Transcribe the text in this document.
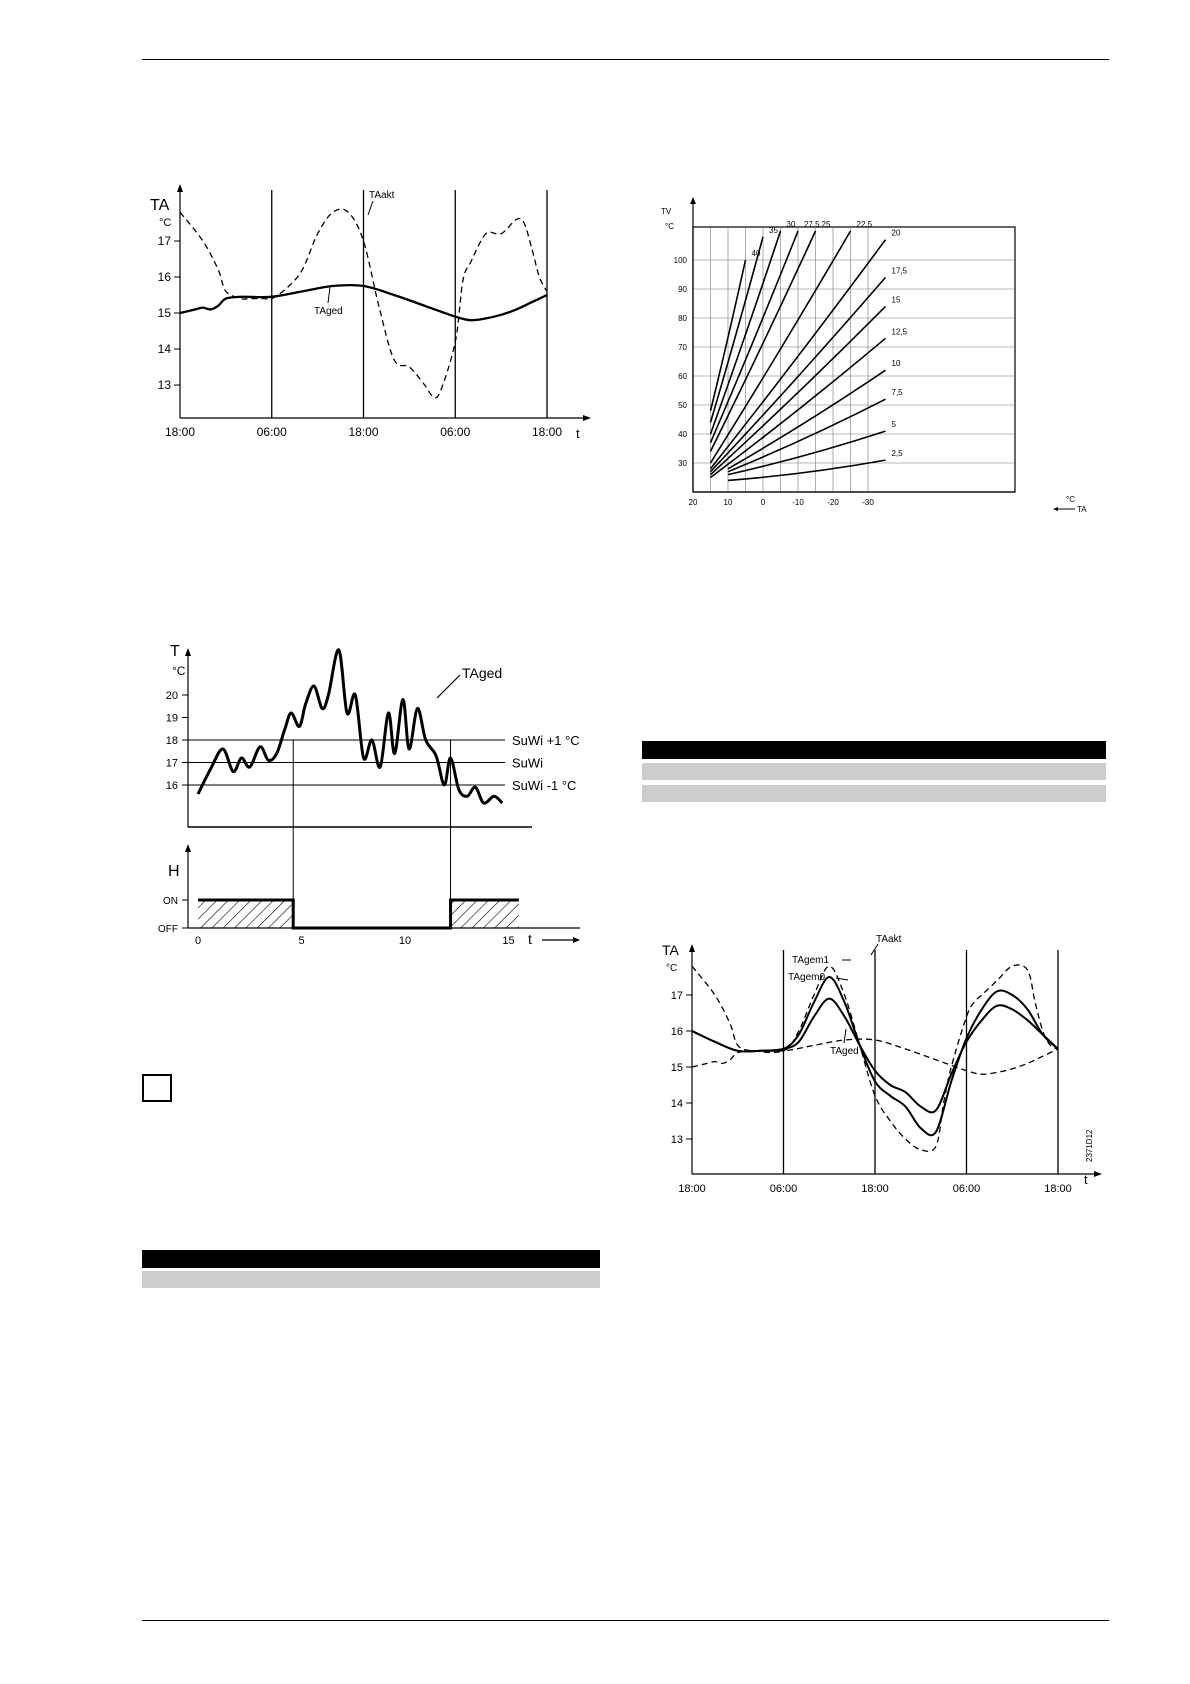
13
14
15
16
17
18:00	06:00	18:00	06:00	18:00
TA
°C
t
TAakt
TAged
40
35
30 27,5 25	22,5
20
17,5
15
12,5
10
7,5
5
2,5
30
40
50
60
70
80
90
100
20	10	0	-10	-20	-30
TV
°C
°C
TA
SuWi +1 °C
SuWi
SuWi -1 °C
16
17
18
19
20
ON
OFF
0	5	10	15
T
°C
H
t
TAged
13
14
15
16
17
18:00	06:00	18:00	06:00	18:00
TA
°C
t
TAakt
TAgem1
TAgem0
TAged
2371D12
